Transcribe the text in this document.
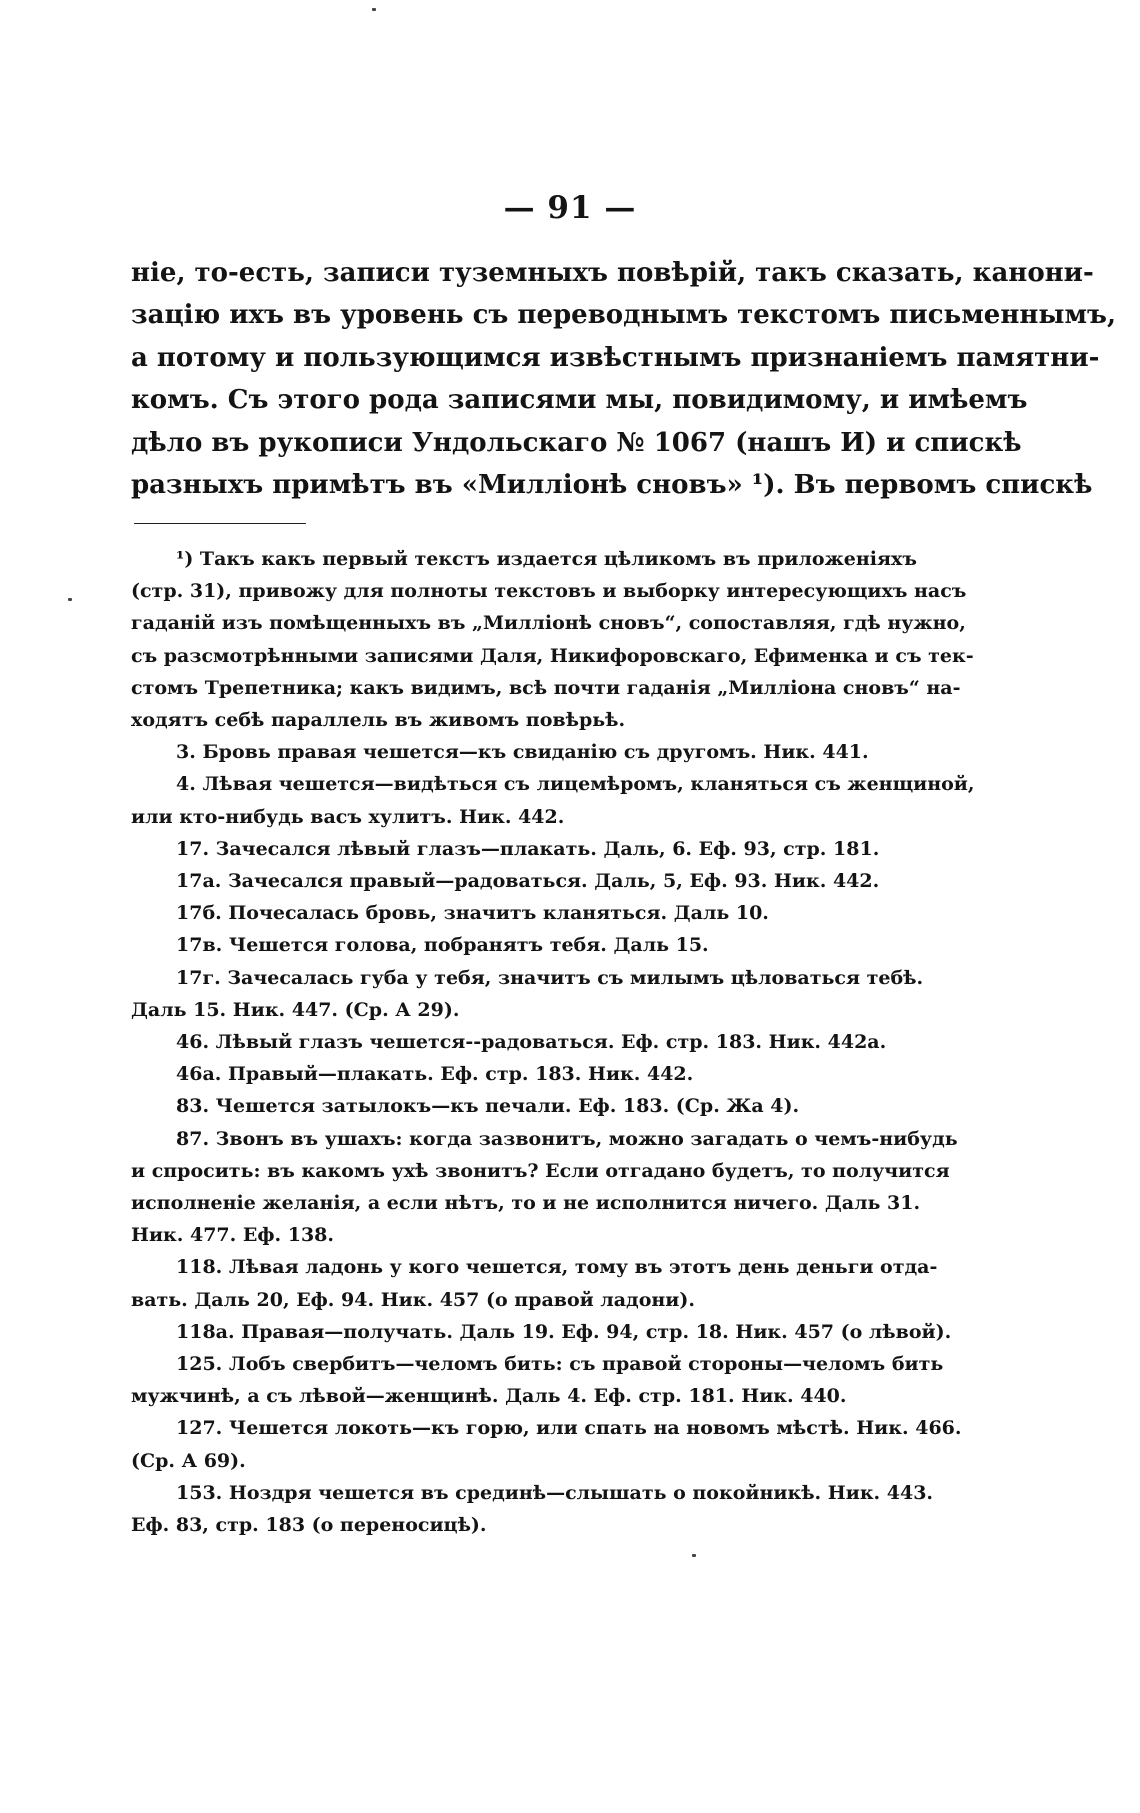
— 91 —
ніе, то-есть, записи туземныхъ повѣрій, такъ сказать, канони-
зацію ихъ въ уровень съ переводнымъ текстомъ письменнымъ,
а потому и пользующимся извѣстнымъ признаніемъ памятни-
комъ. Съ этого рода записями мы, повидимому, и имѣемъ
дѣло въ рукописи Ундольскаго № 1067 (нашъ И) и спискѣ
разныхъ примѣтъ въ «Милліонѣ сновъ» ¹). Въ первомъ спискѣ
¹) Такъ какъ первый текстъ издается цѣликомъ въ приложеніяхъ
(стр. 31), привожу для полноты текстовъ и выборку интересующихъ насъ
гаданій изъ помѣщенныхъ въ „Милліонѣ сновъ“, сопоставляя, гдѣ нужно,
съ разсмотрѣнными записями Даля, Никифоровскаго, Ефименка и съ тек-
стомъ Трепетника; какъ видимъ, всѣ почти гаданія „Милліона сновъ“ на-
ходятъ себѣ параллель въ живомъ повѣрьѣ.
3. Бровь правая чешется—къ свиданію съ другомъ. Ник. 441.
4. Лѣвая чешется—видѣться съ лицемѣромъ, кланяться съ женщиной,
или кто-нибудь васъ хулитъ. Ник. 442.
17. Зачесался лѣвый глазъ—плакать. Даль, 6. Еф. 93, стр. 181.
17а. Зачесался правый—радоваться. Даль, 5, Еф. 93. Ник. 442.
17б. Почесалась бровь, значитъ кланяться. Даль 10.
17в. Чешется голова, побранятъ тебя. Даль 15.
17г. Зачесалась губа у тебя, значитъ съ милымъ цѣловаться тебѣ.
Даль 15. Ник. 447. (Ср. А 29).
46. Лѣвый глазъ чешется--радоваться. Еф. стр. 183. Ник. 442а.
46а. Правый—плакать. Еф. стр. 183. Ник. 442.
83. Чешется затылокъ—къ печали. Еф. 183. (Ср. Жа 4).
87. Звонъ въ ушахъ: когда зазвонитъ, можно загадать о чемъ-нибудь
и спросить: въ какомъ ухѣ звонитъ? Если отгадано будетъ, то получится
исполненіе желанія, а если нѣтъ, то и не исполнится ничего. Даль 31.
Ник. 477. Еф. 138.
118. Лѣвая ладонь у кого чешется, тому въ этотъ день деньги отда-
вать. Даль 20, Еф. 94. Ник. 457 (о правой ладони).
118а. Правая—получать. Даль 19. Еф. 94, стр. 18. Ник. 457 (о лѣвой).
125. Лобъ свербитъ—челомъ бить: съ правой стороны—челомъ бить
мужчинѣ, а съ лѣвой—женщинѣ. Даль 4. Еф. стр. 181. Ник. 440.
127. Чешется локоть—къ горю, или спать на новомъ мѣстѣ. Ник. 466.
(Ср. А 69).
153. Ноздря чешется въ срединѣ—слышать о покойникѣ. Ник. 443.
Еф. 83, стр. 183 (о переносицѣ).
